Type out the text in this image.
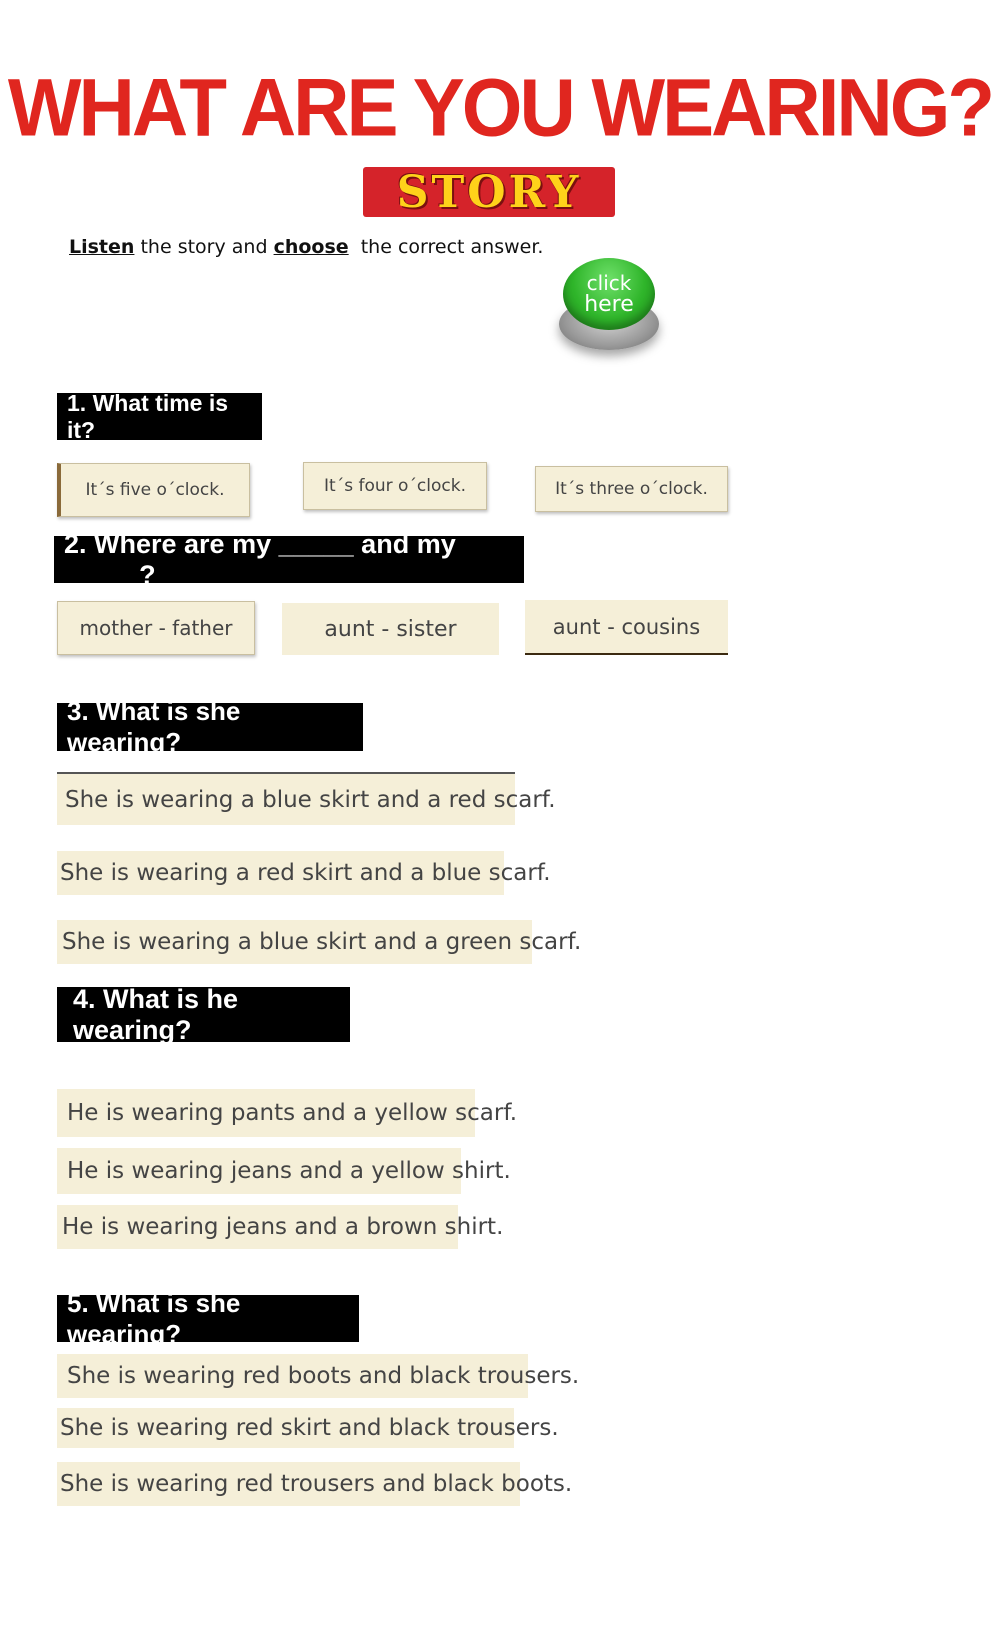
WHAT ARE YOU WEARING?
STORY
Listen the story and choose  the correct answer.
click
here
1. What time is it?
It´s five o´clock.	It´s four o´clock.	It´s three o´clock.
2. Where are my _____ and my _____?
mother - father	aunt - sister	aunt - cousins
3. What is she wearing?
She is wearing a blue skirt and a red scarf.
She is wearing a red skirt and a blue scarf.
She is wearing a blue skirt and a green scarf.
4. What is he wearing?
He is wearing pants and a yellow scarf.
He is wearing jeans and a yellow shirt.
He is wearing jeans and a brown shirt.
5. What is she wearing?
She is wearing red boots and black trousers.
She is wearing red skirt and black trousers.
She is wearing red trousers and black boots.
